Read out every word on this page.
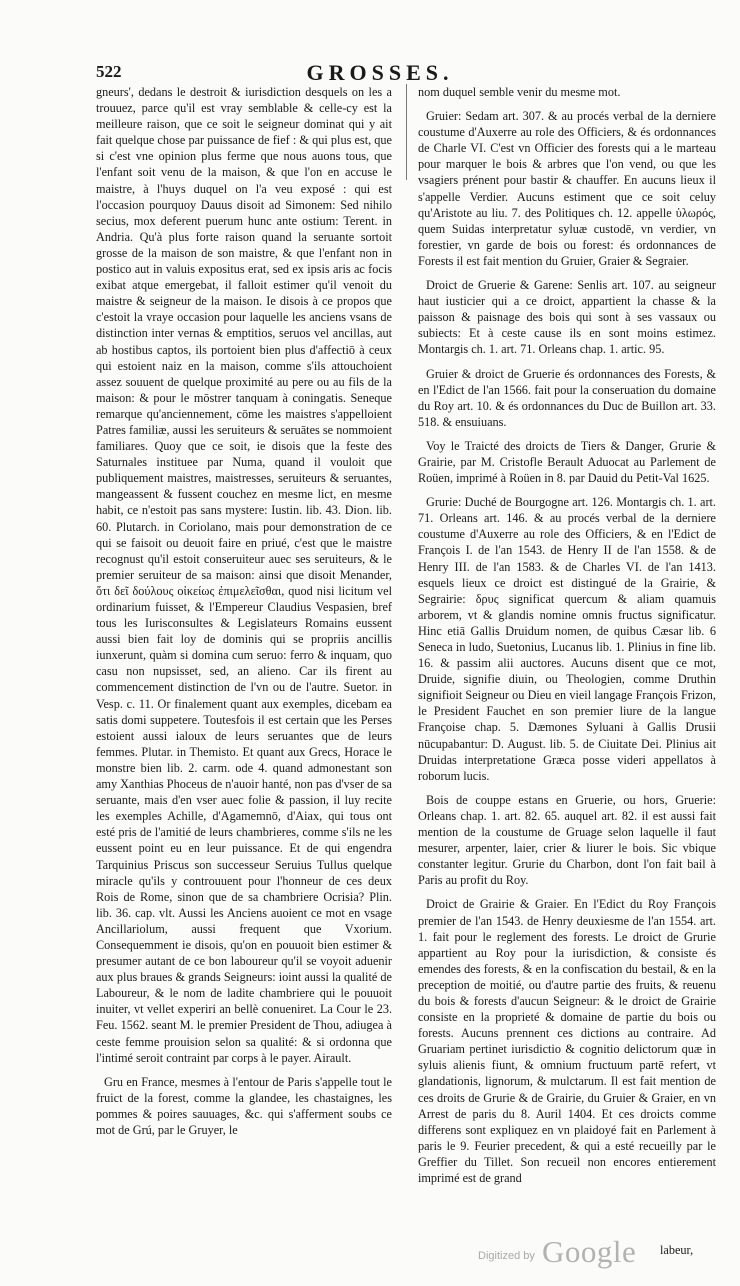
522	GROSSES.

gneurs', dedans le destroit & iurisdiction desquels on les a trouuez, parce qu'il est vray semblable & celle-cy est la meilleure raison, que ce soit le seigneur dominat qui y ait fait quelque chose par puissance de fief : & qui plus est, que si c'est vne opinion plus ferme que nous auons tous, que l'enfant soit venu de la maison, & que l'on en accuse le maistre, à l'huys duquel on l'a veu exposé : qui est l'occasion pourquoy Dauus disoit ad Simonem: Sed nihilo secius, mox deferent puerum hunc ante ostium: Terent. in Andria. Qu'à plus forte raison quand la seruante sortoit grosse de la maison de son maistre, & que l'enfant non in postico aut in valuis expositus erat, sed ex ipsis aris ac focis exibat atque emergebat, il falloit estimer qu'il venoit du maistre & seigneur de la maison. Ie disois à ce propos que c'estoit la vraye occasion pour laquelle les anciens vsans de distinction inter vernas & emptitios, seruos vel ancillas, aut ab hostibus captos, ils portoient bien plus d'affectiō à ceux qui estoient naiz en la maison, comme s'ils attouchoient assez souuent de quelque proximité au pere ou au fils de la maison: & pour le mōstrer tanquam à coningatis. Seneque remarque qu'anciennement, cōme les maistres s'appelloient Patres familiæ, aussi les seruiteurs & seruātes se nommoient familiares. Quoy que ce soit, ie disois que la feste des Saturnales instituee par Numa, quand il vouloit que publiquement maistres, maistresses, seruiteurs & seruantes, mangeassent & fussent couchez en mesme lict, en mesme habit, ce n'estoit pas sans mystere: Iustin. lib. 43. Dion. lib. 60. Plutarch. in Coriolano, mais pour demonstration de ce qui se faisoit ou deuoit faire en priué, c'est que le maistre recognust qu'il estoit conseruiteur auec ses seruiteurs, & le premier seruiteur de sa maison: ainsi que disoit Menander, ὅτι δεῖ δούλους οἰκείως ἐπιμελεῖσθαι, quod nisi licitum vel ordinarium fuisset, & l'Empereur Claudius Vespasien, bref tous les Iurisconsultes & Legislateurs Romains eussent aussi bien fait loy de dominis qui se propriis ancillis iunxerunt, quàm si domina cum seruo: ferro & inquam, quo casu non nupsisset, sed, an alieno. Car ils firent au commencement distinction de l'vn ou de l'autre. Suetor. in Vesp. c. 11. Or finalement quant aux exemples, dicebam ea satis domi suppetere. Toutesfois il est certain que les Perses estoient aussi ialoux de leurs seruantes que de leurs femmes. Plutar. in Themisto. Et quant aux Grecs, Horace le monstre bien lib. 2. carm. ode 4. quand admonestant son amy Xanthias Phoceus de n'auoir hanté, non pas d'vser de sa seruante, mais d'en vser auec folie & passion, il luy recite les exemples Achille, d'Agamemnō, d'Aiax, qui tous ont esté pris de l'amitié de leurs chambrieres, comme s'ils ne les eussent point eu en leur puissance. Et de qui engendra Tarquinius Priscus son successeur Seruius Tullus quelque miracle qu'ils y controuuent pour l'honneur de ces deux Rois de Rome, sinon que de sa chambriere Ocrisia? Plin. lib. 36. cap. vlt. Aussi les Anciens auoient ce mot en vsage Ancillariolum, aussi frequent que Vxorium. Consequemment ie disois, qu'on en pouuoit bien estimer & presumer autant de ce bon laboureur qu'il se voyoit aduenir aux plus braues & grands Seigneurs: ioint aussi la qualité de Laboureur, & le nom de ladite chambriere qui le pouuoit inuiter, vt vellet experiri an bellè conueniret. La Cour le 23. Feu. 1562. seant M. le premier President de Thou, adiugea à ceste femme prouision selon sa qualité: & si ordonna que l'intimé seroit contraint par corps à le payer. Airault.

Gru en France, mesmes à l'entour de Paris s'appelle tout le fruict de la forest, comme la glandee, les chastaignes, les pommes & poires sauuages, &c. qui s'afferment soubs ce mot de Grú, par le Gruyer, le

nom duquel semble venir du mesme mot.

Gruier: Sedam art. 307. & au procés verbal de la derniere coustume d'Auxerre au role des Officiers, & és ordonnances de Charle VI. C'est vn Officier des forests qui a le marteau pour marquer le bois & arbres que l'on vend, ou que les vsagiers prénent pour bastir & chauffer. En aucuns lieux il s'appelle Verdier. Aucuns estiment que ce soit celuy qu'Aristote au liu. 7. des Politiques ch. 12. appelle ὑλωρός, quem Suidas interpretatur syluæ custodē, vn verdier, vn forestier, vn garde de bois ou forest: és ordonnances de Forests il est fait mention du Gruier, Graier & Segraier.

Droict de Gruerie & Garene: Senlis art. 107. au seigneur haut iusticier qui a ce droict, appartient la chasse & la paisson & paisnage des bois qui sont à ses vassaux ou subiects: Et à ceste cause ils en sont moins estimez. Montargis ch. 1. art. 71. Orleans chap. 1. artic. 95.

Gruier & droict de Gruerie és ordonnances des Forests, & en l'Edict de l'an 1566. fait pour la conseruation du domaine du Roy art. 10. & és ordonnances du Duc de Buillon art. 33. 518. & ensuiuans.

Voy le Traicté des droicts de Tiers & Danger, Grurie & Grairie, par M. Cristofle Berault Aduocat au Parlement de Roüen, imprimé à Roüen in 8. par Dauid du Petit-Val 1625.

Grurie: Duché de Bourgogne art. 126. Montargis ch. 1. art. 71. Orleans art. 146. & au procés verbal de la derniere coustume d'Auxerre au role des Officiers, & en l'Edict de François I. de l'an 1543. de Henry II de l'an 1558. & de Henry III. de l'an 1583. & de Charles VI. de l'an 1413. esquels lieux ce droict est distingué de la Grairie, & Segrairie: δρυς significat quercum & aliam quamuis arborem, vt & glandis nomine omnis fructus significatur. Hinc etiā Gallis Druidum nomen, de quibus Cæsar lib. 6 Seneca in ludo, Suetonius, Lucanus lib. 1. Plinius in fine lib. 16. & passim alii auctores. Aucuns disent que ce mot, Druide, signifie diuin, ou Theologien, comme Druthin signifioit Seigneur ou Dieu en vieil langage François Frizon, le President Fauchet en son premier liure de la langue Françoise chap. 5. Dæmones Syluani à Gallis Drusii nūcupabantur: D. August. lib. 5. de Ciuitate Dei. Plinius ait Druidas interpretatione Græca posse videri appellatos à roborum lucis.

Bois de couppe estans en Gruerie, ou hors, Gruerie: Orleans chap. 1. art. 82. 65. auquel art. 82. il est aussi fait mention de la coustume de Gruage selon laquelle il faut mesurer, arpenter, laier, crier & liurer le bois. Sic vbique constanter legitur. Grurie du Charbon, dont l'on fait bail à Paris au profit du Roy.

Droict de Grairie & Graier. En l'Edict du Roy François premier de l'an 1543. de Henry deuxiesme de l'an 1554. art. 1. fait pour le reglement des forests. Le droict de Grurie appartient au Roy pour la iurisdiction, & consiste és emendes des forests, & en la confiscation du bestail, & en la preception de moitié, ou d'autre partie des fruits, & reuenu du bois & forests d'aucun Seigneur: & le droict de Grairie consiste en la proprieté & domaine de partie du bois ou forests. Aucuns prennent ces dictions au contraire. Ad Gruariam pertinet iurisdictio & cognitio delictorum quæ in syluis alienis fiunt, & omnium fructuum partē refert, vt glandationis, lignorum, & mulctarum. Il est fait mention de ces droits de Grurie & de Grairie, du Gruier & Graier, en vn Arrest de paris du 8. Auril 1404. Et ces droicts comme differens sont expliquez en vn plaidoyé fait en Parlement à paris le 9. Feurier precedent, & qui a esté recueilly par le Greffier du Tillet. Son recueil non encores entierement imprimé est de grand

labeur,
Digitized by Google
